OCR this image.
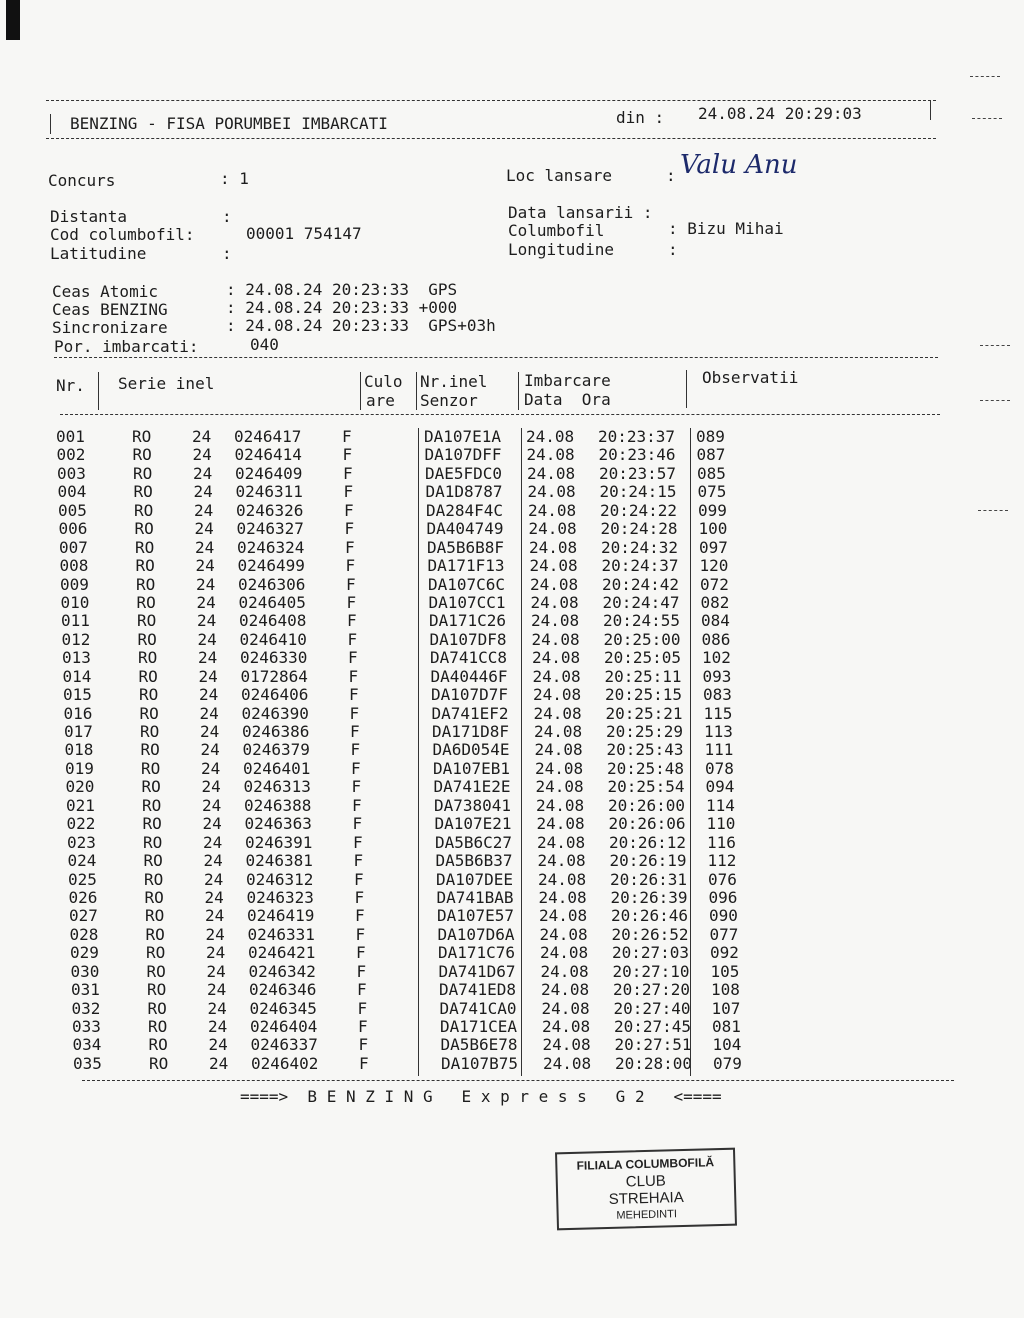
BENZING - FISA PORUMBEI IMBARCATI	din : 24.08.24 20:29:03
Concurs	: 1	Loc lansare	: Valu Anu
Distanta	:
Cod columbofil:	00001 754147
Latitudine	:
Data lansarii :
Columbofil	: Bizu Mihai
Longitudine	:
Ceas Atomic	: 24.08.24 20:23:33  GPS
Ceas BENZING	: 24.08.24 20:23:33 +000
Sincronizare	: 24.08.24 20:23:33  GPS+03h
Por. imbarcati:	040
Nr. Serie inel	Culo
are
Nr.inel
Senzor
Imbarcare
Data  Ora
Observatii
001	RO	24 0246417	F	DA107E1A 24.08 20:23:37 089
002	RO	24 0246414	F	DA107DFF 24.08 20:23:46 087
003	RO	24 0246409	F	DAE5FDC0 24.08 20:23:57 085
004	RO	24 0246311	F	DA1D8787 24.08 20:24:15 075
005	RO	24 0246326	F	DA284F4C 24.08 20:24:22 099
006	RO	24 0246327	F	DA404749 24.08 20:24:28 100
007	RO	24 0246324	F	DA5B6B8F 24.08 20:24:32 097
008	RO	24 0246499	F	DA171F13 24.08 20:24:37 120
009	RO	24 0246306	F	DA107C6C 24.08 20:24:42 072
010	RO	24 0246405	F	DA107CC1 24.08 20:24:47 082
011	RO	24 0246408	F	DA171C26 24.08 20:24:55 084
012	RO	24 0246410	F	DA107DF8 24.08 20:25:00 086
013	RO	24 0246330	F	DA741CC8 24.08 20:25:05 102
014	RO	24 0172864	F	DA40446F 24.08 20:25:11 093
015	RO	24 0246406	F	DA107D7F 24.08 20:25:15 083
016	RO	24 0246390	F	DA741EF2 24.08 20:25:21 115
017	RO	24 0246386	F	DA171D8F 24.08 20:25:29 113
018	RO	24 0246379	F	DA6D054E 24.08 20:25:43 111
019	RO	24 0246401	F	DA107EB1 24.08 20:25:48 078
020	RO	24 0246313	F	DA741E2E 24.08 20:25:54 094
021	RO	24 0246388	F	DA738041 24.08 20:26:00 114
022	RO	24 0246363	F	DA107E21 24.08 20:26:06 110
023	RO	24 0246391	F	DA5B6C27 24.08 20:26:12 116
024	RO	24 0246381	F	DA5B6B37 24.08 20:26:19 112
025	RO	24 0246312	F	DA107DEE 24.08 20:26:31 076
026	RO	24 0246323	F	DA741BAB 24.08 20:26:39 096
027	RO	24 0246419	F	DA107E57 24.08 20:26:46 090
028	RO	24 0246331	F	DA107D6A 24.08 20:26:52 077
029	RO	24 0246421	F	DA171C76 24.08 20:27:03 092
030	RO	24 0246342	F	DA741D67 24.08 20:27:10 105
031	RO	24 0246346	F	DA741ED8 24.08 20:27:20 108
032	RO	24 0246345	F	DA741CA0 24.08 20:27:40 107
033	RO	24 0246404	F	DA171CEA 24.08 20:27:45 081
034	RO	24 0246337	F	DA5B6E78 24.08 20:27:51 104
035	RO	24 0246402	F	DA107B75 24.08 20:28:00 079
====>  B E N Z I N G   E x p r e s s   G 2   <====
FILIALA COLUMBOFILĂ
CLUB
STREHAIA
MEHEDINTI
